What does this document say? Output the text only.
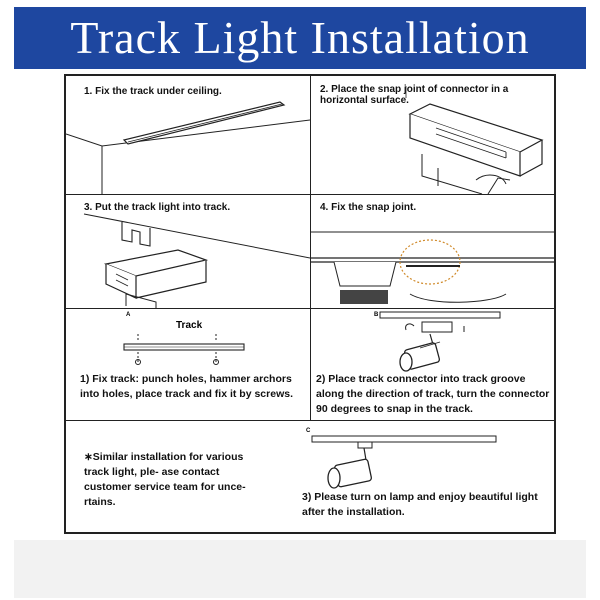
Track Light Installation
1. Fix the track under ceiling.	2. Place the snap joint of connector in a horizontal surface.
3. Put the track light into track.	4. Fix the snap joint.
A
Track
1) Fix track: punch holes, hammer archors into holes, place track and fix it by screws.
B
2) Place track connector into track groove along the direction of track, turn the connector 90 degrees to snap in the track.
∗Similar installation for various track light, ple- ase contact customer service team for unce- rtains.
C
3) Please turn on lamp and enjoy beautiful light after the installation.
